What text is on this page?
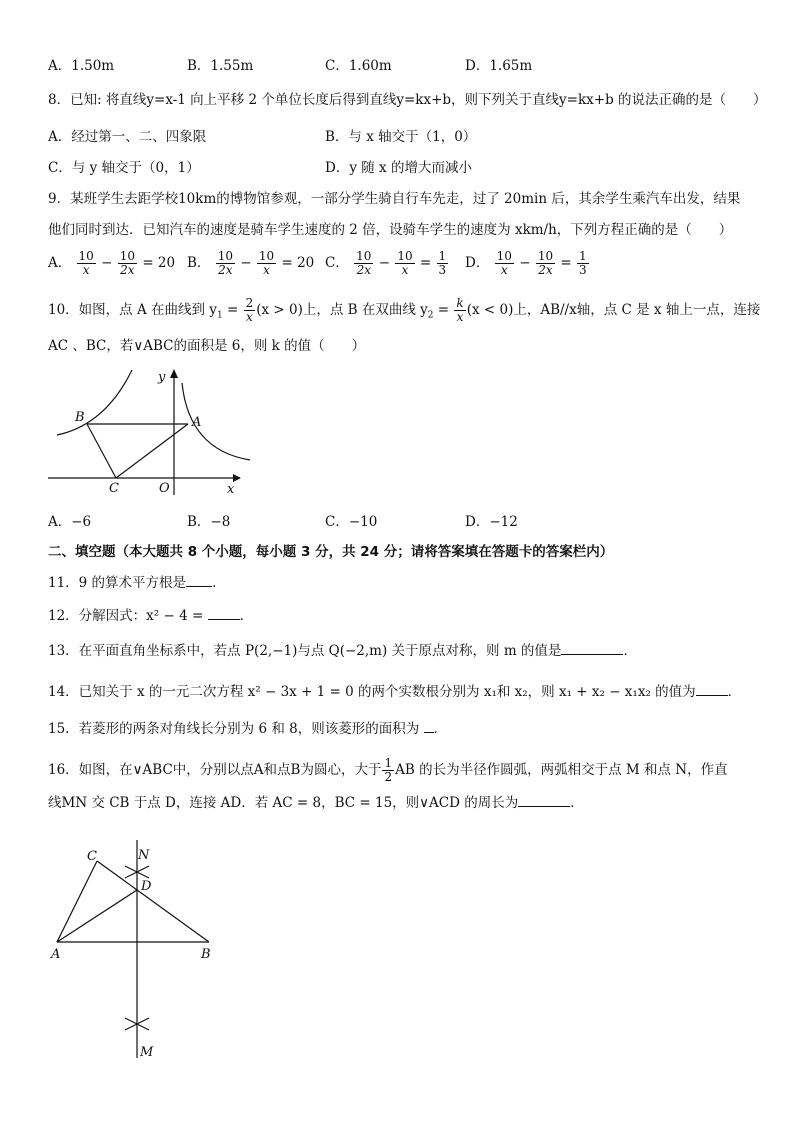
A．1.50m	B．1.55m	C．1.60m	D．1.65m
8．已知: 将直线y=x-1 向上平移 2 个单位长度后得到直线y=kx+b，则下列关于直线y=kx+b 的说法正确的是（　　）
A．经过第一、二、四象限	B．与 x 轴交于（1，0）
C．与 y 轴交于（0，1）	D．y 随 x 的增大而减小
9．某班学生去距学校10km的博物馆参观，一部分学生骑自行车先走，过了 20min 后，其余学生乘汽车出发，结果
他们同时到达．已知汽车的速度是骑车学生速度的 2 倍，设骑车学生的速度为 xkm/h，下列方程正确的是（　　）
A． $\frac{10}{x} - \frac{10}{2x} = 20$ B． $\frac{10}{2x} - \frac{10}{x} = 20$ C． $\frac{10}{2x} - \frac{10}{x} = \frac{1}{3}$ D． $\frac{10}{x} - \frac{10}{2x} = \frac{1}{3}$
10．如图，点 A 在曲线到 $y_1 = \frac{2}{x} (x > 0)$上，点 B 在双曲线 $y_2 = \frac{k}{x} (x < 0)$上，AB//x轴，点 C 是 x 轴上一点，连接
AC 、BC，若∨ABC的面积是 6，则 k 的值（　　）
y
B	A
C	O	x
A．−6	B．−8	C．−10	D．−12
二、填空题（本大题共 8 个小题，每小题 3 分，共 24 分；请将答案填在答题卡的答案栏内）
11．9 的算术平方根是 ．
12．分解因式：x² − 4 = ．
13．在平面直角坐标系中，若点 P(2,−1)与点 Q(−2,m) 关于原点对称，则 m 的值是	．
14．已知关于 x 的一元二次方程 x² − 3x + 1 = 0 的两个实数根分别为 x₁和 x₂，则 x₁ + x₂ − x₁x₂ 的值为 ．
15．若菱形的两条对角线长分别为 6 和 8，则该菱形的面积为 ．
16．如图，在∨ABC中，分别以点A和点B为圆心，大于 $\frac{1}{2}$ AB 的长为半径作圆弧，两弧相交于点 M 和点 N，作直
线MN 交 CB 于点 D，连接 AD．若 AC = 8，BC = 15，则∨ACD 的周长为	．
C	N
D
A	B
M
